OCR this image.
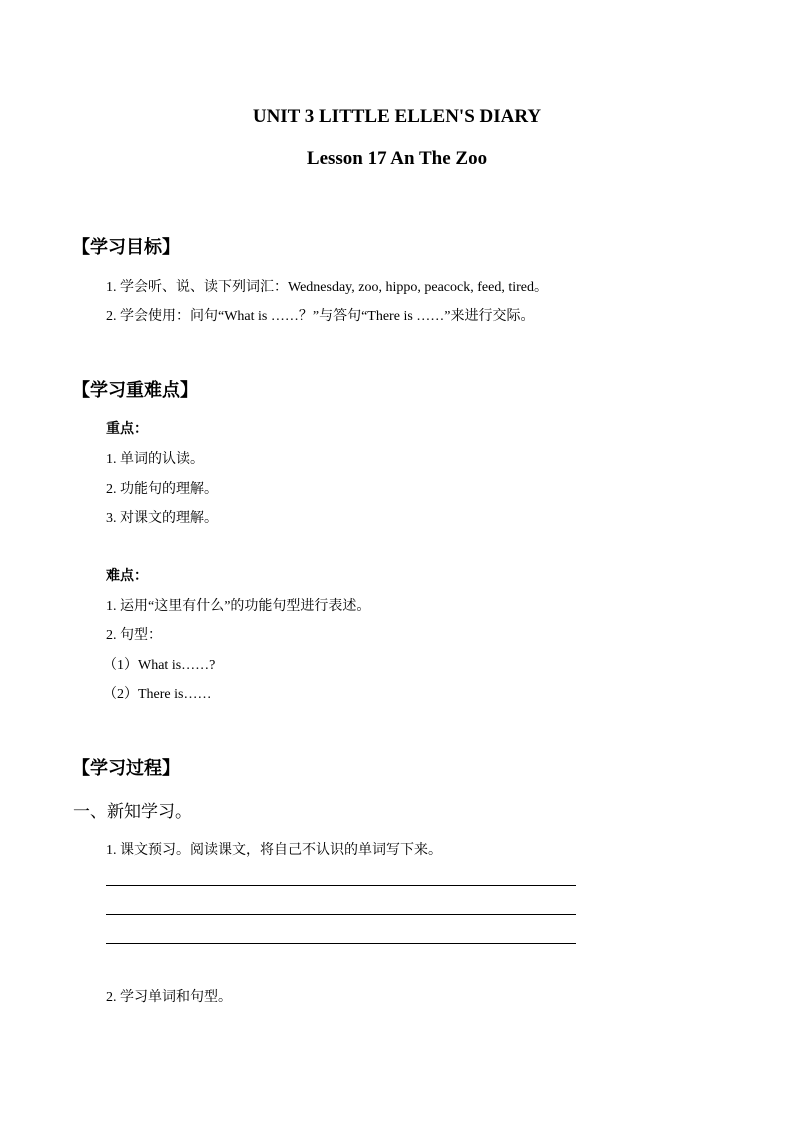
UNIT 3 LITTLE ELLEN'S DIARY
Lesson 17 An The Zoo
【学习目标】
1. 学会听、说、读下列词汇：Wednesday, zoo, hippo, peacock, feed, tired。
2. 学会使用：问句“What is ……？”与答句“There is ……”来进行交际。
【学习重难点】
重点：
1. 单词的认读。
2. 功能句的理解。
3. 对课文的理解。
难点：
1. 运用“这里有什么”的功能句型进行表述。
2. 句型：
（1）What is……?
（2）There is……
【学习过程】
一、新知学习。
1. 课文预习。阅读课文，将自己不认识的单词写下来。
2. 学习单词和句型。
